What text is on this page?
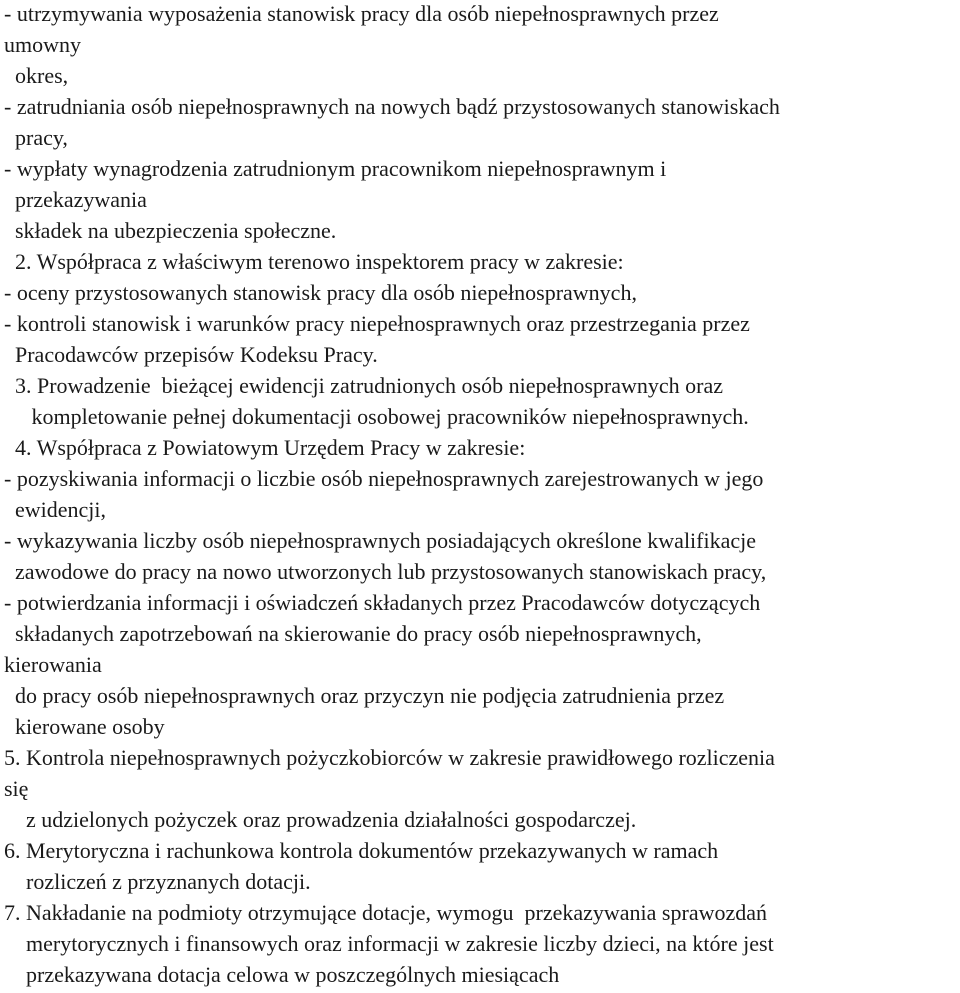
- utrzymywania wyposażenia stanowisk pracy dla osób niepełnosprawnych przez
umowny
okres,
- zatrudniania osób niepełnosprawnych na nowych bądź przystosowanych stanowiskach
pracy,
- wypłaty wynagrodzenia zatrudnionym pracownikom niepełnosprawnym i
przekazywania
składek na ubezpieczenia społeczne.
2. Współpraca z właściwym terenowo inspektorem pracy w zakresie:
- oceny przystosowanych stanowisk pracy dla osób niepełnosprawnych,
- kontroli stanowisk i warunków pracy niepełnosprawnych oraz przestrzegania przez
Pracodawców przepisów Kodeksu Pracy.
3. Prowadzenie  bieżącej ewidencji zatrudnionych osób niepełnosprawnych oraz
kompletowanie pełnej dokumentacji osobowej pracowników niepełnosprawnych.
4. Współpraca z Powiatowym Urzędem Pracy w zakresie:
- pozyskiwania informacji o liczbie osób niepełnosprawnych zarejestrowanych w jego
ewidencji,
- wykazywania liczby osób niepełnosprawnych posiadających określone kwalifikacje
zawodowe do pracy na nowo utworzonych lub przystosowanych stanowiskach pracy,
- potwierdzania informacji i oświadczeń składanych przez Pracodawców dotyczących
składanych zapotrzebowań na skierowanie do pracy osób niepełnosprawnych,
kierowania
do pracy osób niepełnosprawnych oraz przyczyn nie podjęcia zatrudnienia przez
kierowane osoby
5. Kontrola niepełnosprawnych pożyczkobiorców w zakresie prawidłowego rozliczenia
się
z udzielonych pożyczek oraz prowadzenia działalności gospodarczej.
6. Merytoryczna i rachunkowa kontrola dokumentów przekazywanych w ramach
rozliczeń z przyznanych dotacji.
7. Nakładanie na podmioty otrzymujące dotacje, wymogu  przekazywania sprawozdań
merytorycznych i finansowych oraz informacji w zakresie liczby dzieci, na które jest
przekazywana dotacja celowa w poszczególnych miesiącach
